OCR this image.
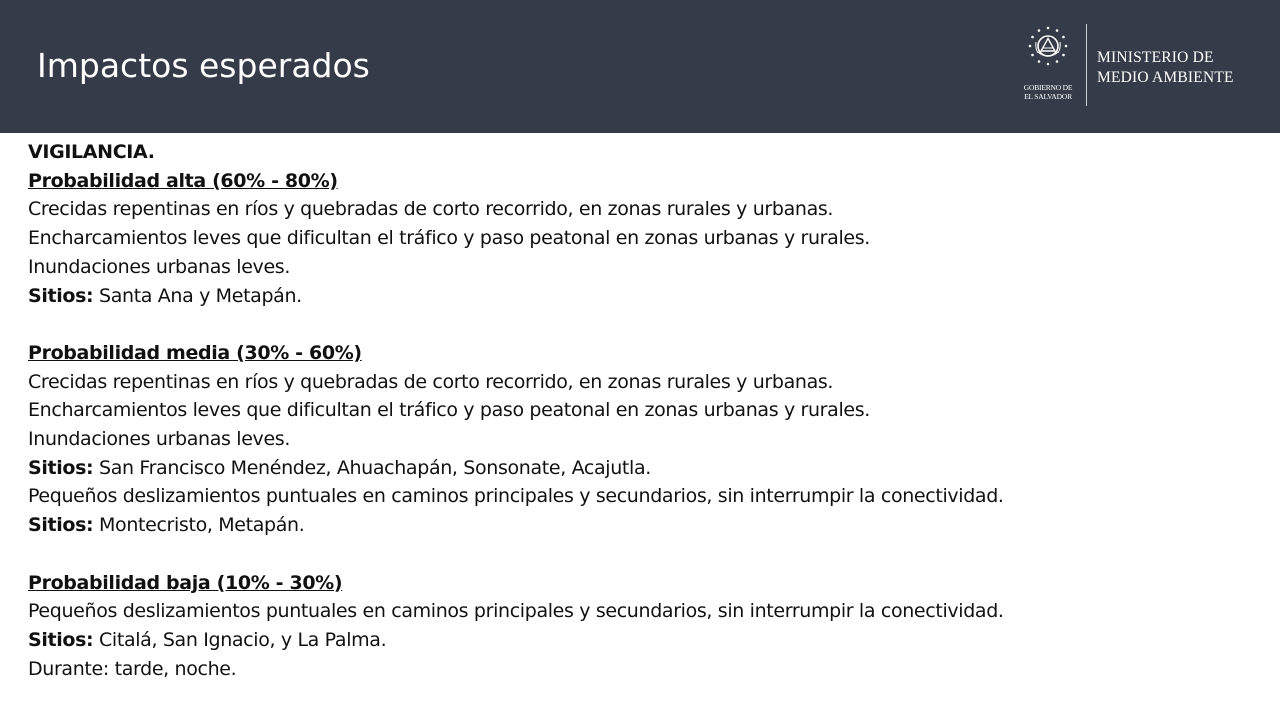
Impactos esperados
GOBIERNO DE
EL SALVADOR
MINISTERIO DE
MEDIO AMBIENTE

VIGILANCIA.

Probabilidad alta (60% - 80%)

Crecidas repentinas en ríos y quebradas de corto recorrido, en zonas rurales y urbanas.

Encharcamientos leves que dificultan el tráfico y paso peatonal en zonas urbanas y rurales.

Inundaciones urbanas leves.

Sitios: Santa Ana y Metapán.

Probabilidad media (30% - 60%)

Crecidas repentinas en ríos y quebradas de corto recorrido, en zonas rurales y urbanas.

Encharcamientos leves que dificultan el tráfico y paso peatonal en zonas urbanas y rurales.

Inundaciones urbanas leves.

Sitios: San Francisco Menéndez, Ahuachapán, Sonsonate, Acajutla.

Pequeños deslizamientos puntuales en caminos principales y secundarios, sin interrumpir la conectividad.

Sitios: Montecristo, Metapán.

Probabilidad baja (10% - 30%)

Pequeños deslizamientos puntuales en caminos principales y secundarios, sin interrumpir la conectividad.

Sitios: Citalá, San Ignacio, y La Palma.

Durante: tarde, noche.
